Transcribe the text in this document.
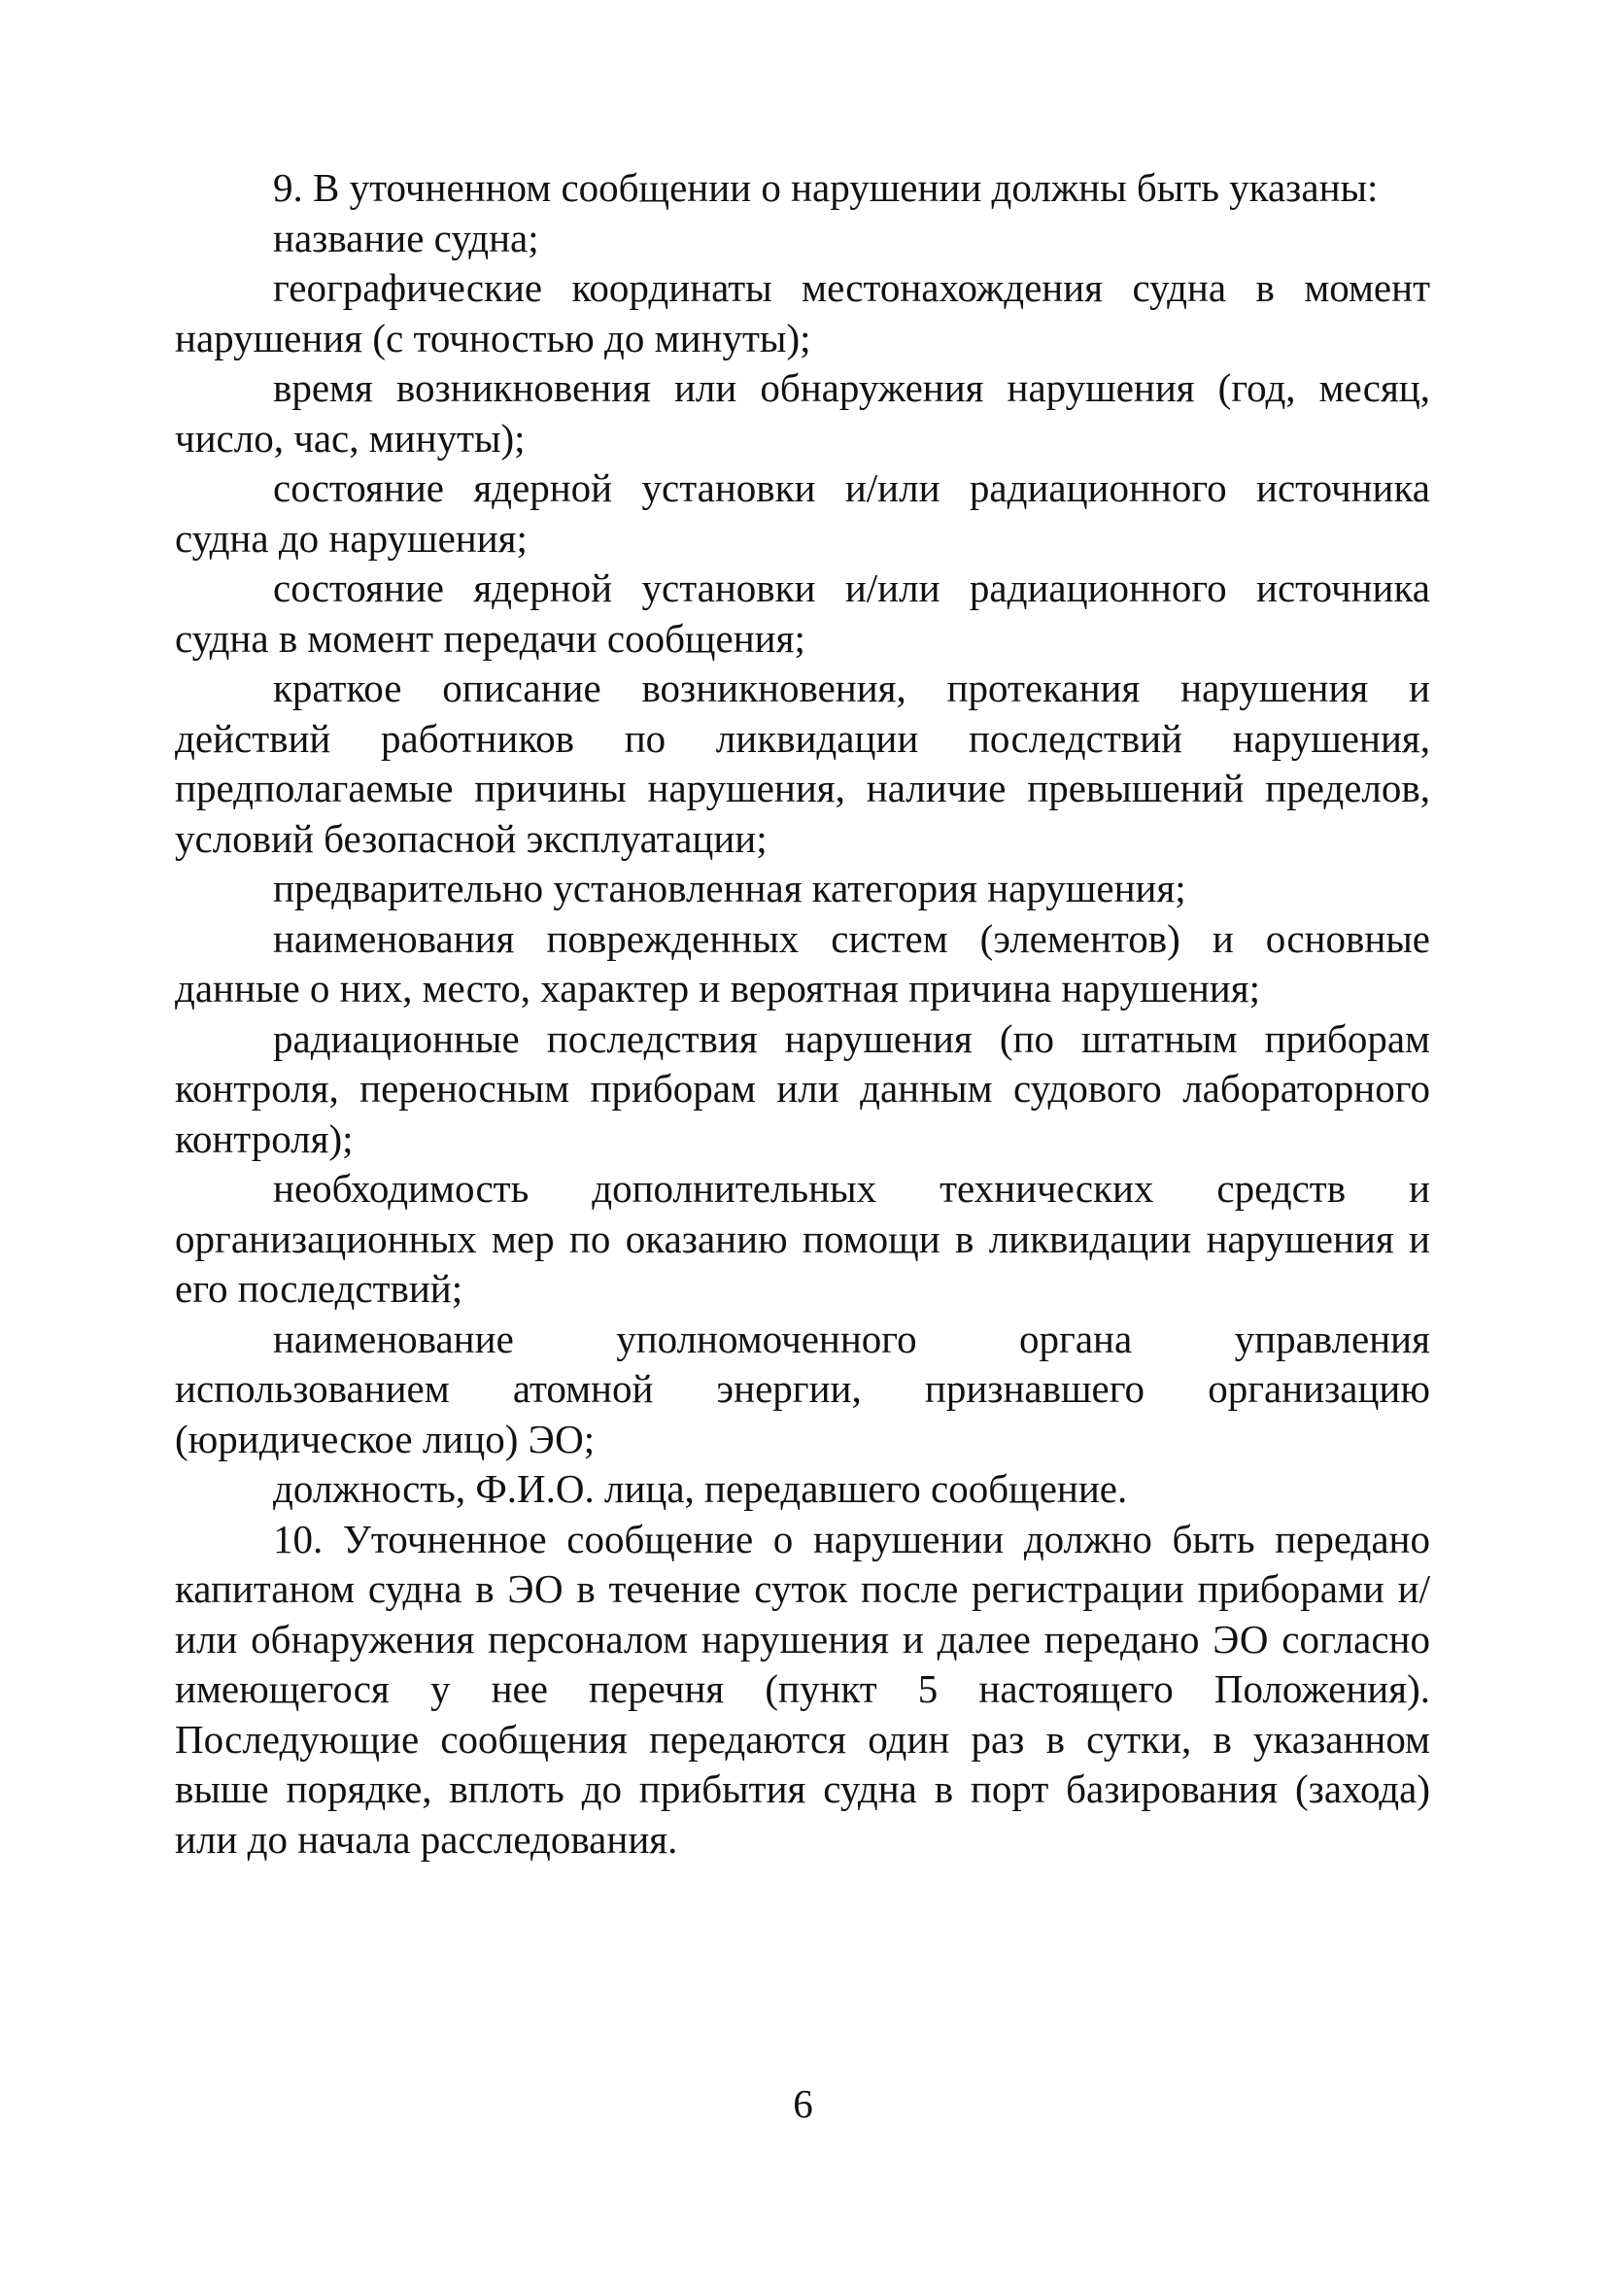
9. В уточненном сообщении о нарушении должны быть указаны:

название судна;

географические координаты местонахождения судна в момент нарушения (с точностью до минуты);

время возникновения или обнаружения нарушения (год, месяц, число, час, минуты);

состояние ядерной установки и/или радиационного источника судна до нарушения;

состояние ядерной установки и/или радиационного источника судна в момент передачи сообщения;

краткое описание возникновения, протекания нарушения и действий работников по ликвидации последствий нарушения, предполагаемые причины нарушения, наличие превышений пределов, условий безопасной эксплуатации;

предварительно установленная категория нарушения;

наименования поврежденных систем (элементов) и основные данные о них, место, характер и вероятная причина нарушения;

радиационные последствия нарушения (по штатным приборам контроля, переносным приборам или данным судового лабораторного контроля);

необходимость дополнительных технических средств и организационных мер по оказанию помощи в ликвидации нарушения и его последствий;

наименование уполномоченного органа управления использованием атомной энергии, признавшего организацию (юридическое лицо) ЭО;

должность, Ф.И.О. лица, передавшего сообщение.

10. Уточненное сообщение о нарушении должно быть передано капитаном судна в ЭО в течение суток после регистрации приборами и/или обнаружения персоналом нарушения и далее передано ЭО согласно имеющегося у нее перечня (пункт 5 настоящего Положения). Последующие сообщения передаются один раз в сутки, в указанном выше порядке, вплоть до прибытия судна в порт базирования (захода) или до начала расследования.

6
